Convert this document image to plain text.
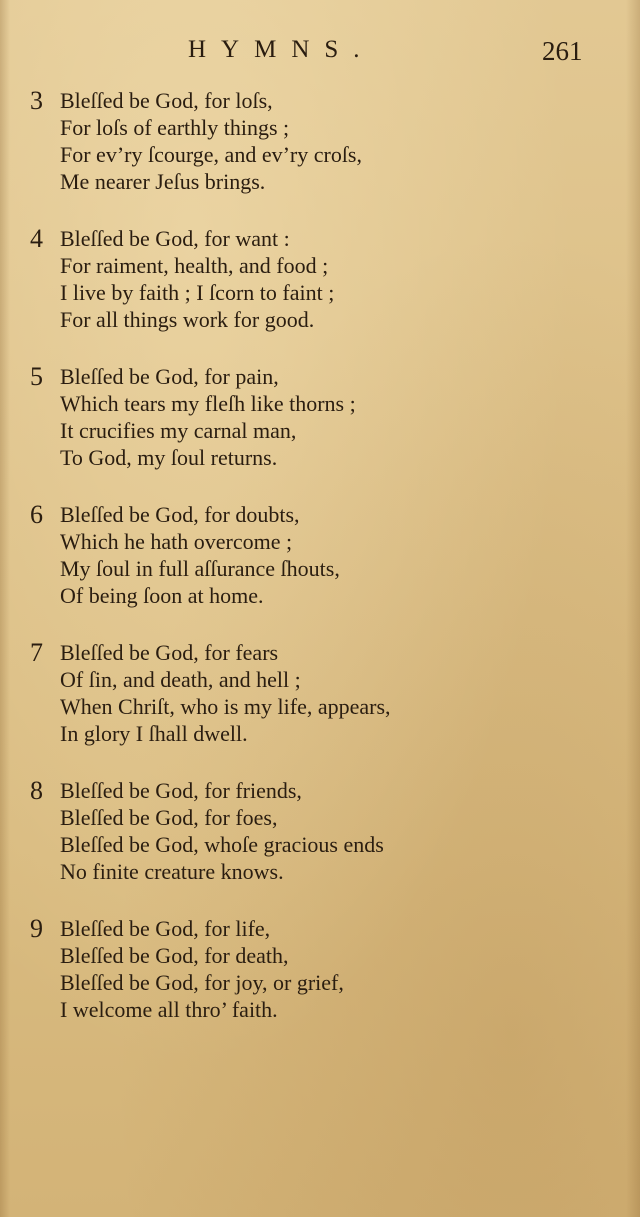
HYMNS.	261
3 Bleſſed be God, for loſs,
For loſs of earthly things ;
For ev’ry ſcourge, and ev’ry croſs,
Me nearer Jeſus brings.
4 Bleſſed be God, for want :
For raiment, health, and food ;
I live by faith ; I ſcorn to faint ;
For all things work for good.
5 Bleſſed be God, for pain,
Which tears my fleſh like thorns ;
It crucifies my carnal man,
To God, my ſoul returns.
6 Bleſſed be God, for doubts,
Which he hath overcome ;
My ſoul in full aſſurance ſhouts,
Of being ſoon at home.
7 Bleſſed be God, for fears
Of ſin, and death, and hell ;
When Chriſt, who is my life, appears,
In glory I ſhall dwell.
8 Bleſſed be God, for friends,
Bleſſed be God, for foes,
Bleſſed be God, whoſe gracious ends
No finite creature knows.
9 Bleſſed be God, for life,
Bleſſed be God, for death,
Bleſſed be God, for joy, or grief,
I welcome all thro’ faith.
